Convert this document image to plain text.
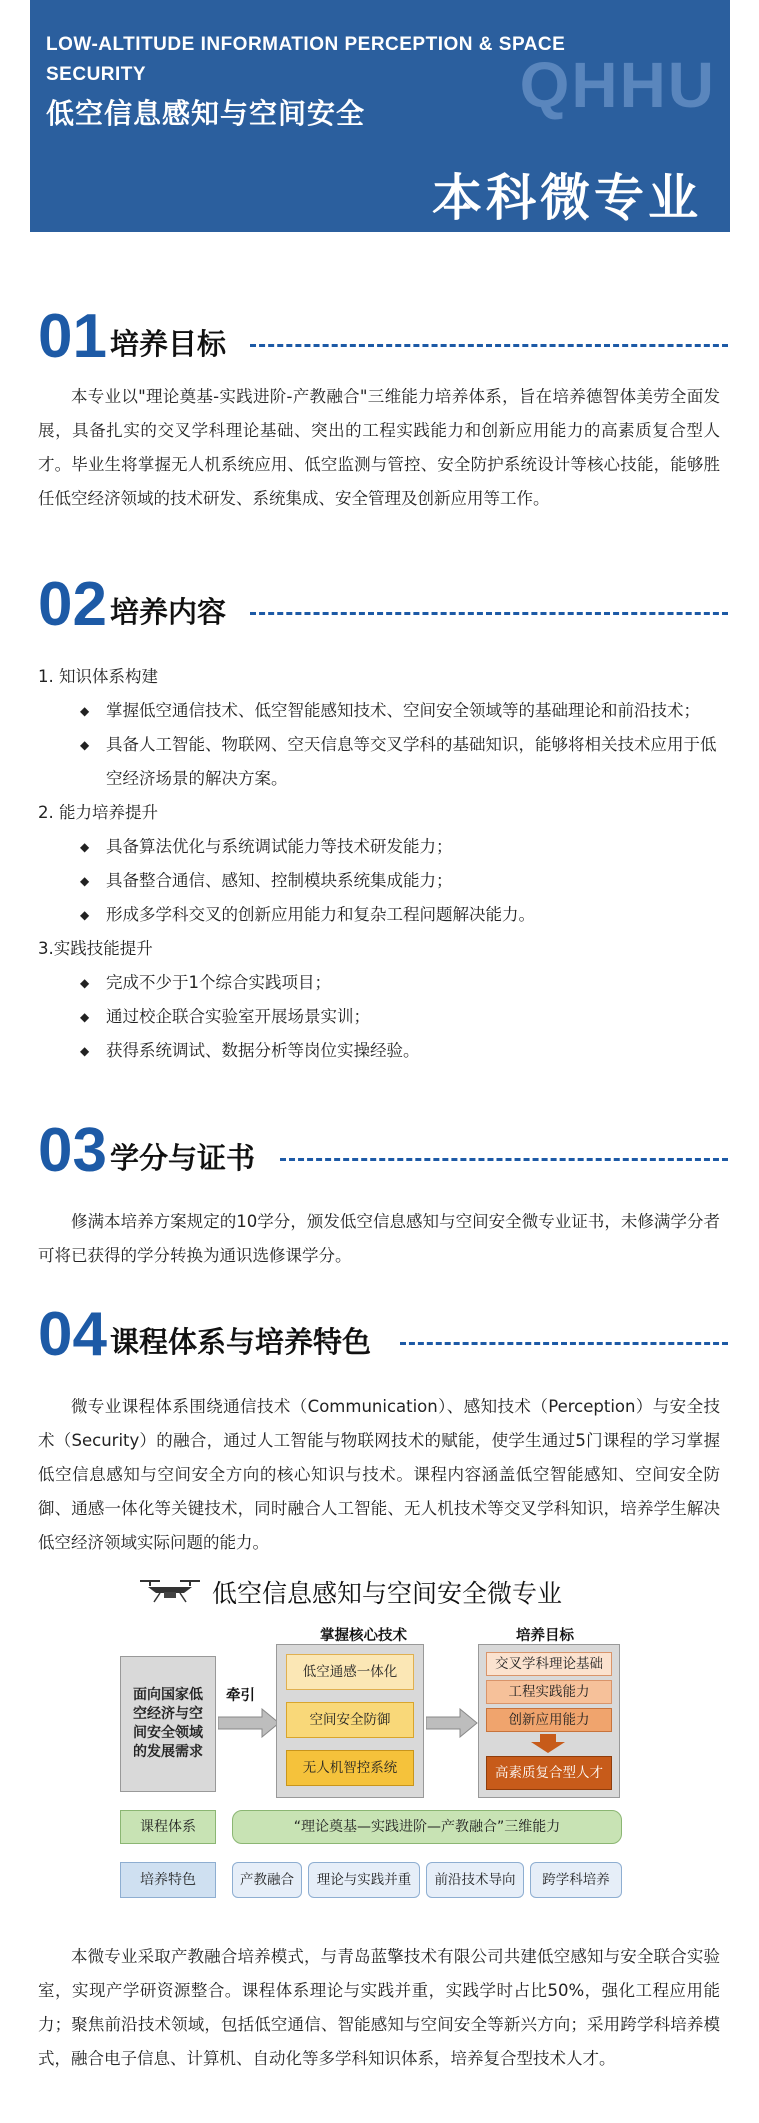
LOW-ALTITUDE INFORMATION PERCEPTION & SPACE SECURITY
低空信息感知与空间安全 QHHU
本科微专业
01 培养目标
本专业以"理论奠基-实践进阶-产教融合"三维能力培养体系，旨在培养德智体美劳全面发展，具备扎实的交叉学科理论基础、突出的工程实践能力和创新应用能力的高素质复合型人才。毕业生将掌握无人机系统应用、低空监测与管控、安全防护系统设计等核心技能，能够胜任低空经济领域的技术研发、系统集成、安全管理及创新应用等工作。
02 培养内容
1. 知识体系构建
◆ 掌握低空通信技术、低空智能感知技术、空间安全领域等的基础理论和前沿技术；
◆ 具备人工智能、物联网、空天信息等交叉学科的基础知识，能够将相关技术应用于低空经济场景的解决方案。
2. 能力培养提升
◆ 具备算法优化与系统调试能力等技术研发能力；
◆ 具备整合通信、感知、控制模块系统集成能力；
◆ 形成多学科交叉的创新应用能力和复杂工程问题解决能力。
3.实践技能提升
◆ 完成不少于1个综合实践项目；
◆ 通过校企联合实验室开展场景实训；
◆ 获得系统调试、数据分析等岗位实操经验。
03 学分与证书
修满本培养方案规定的10学分，颁发低空信息感知与空间安全微专业证书，未修满学分者可将已获得的学分转换为通识选修课学分。
04 课程体系与培养特色
微专业课程体系围绕通信技术（Communication）、感知技术（Perception）与安全技术（Security）的融合，通过人工智能与物联网技术的赋能，使学生通过5门课程的学习掌握低空信息感知与空间安全方向的核心知识与技术。课程内容涵盖低空智能感知、空间安全防御、通感一体化等关键技术，同时融合人工智能、无人机技术等交叉学科知识，培养学生解决低空经济领域实际问题的能力。
低空信息感知与空间安全微专业
面向国家低空经济与空间安全领域的发展需求
牵引
掌握核心技术
低空通感一体化
空间安全防御
无人机智控系统
培养目标
交叉学科理论基础
工程实践能力
创新应用能力
高素质复合型人才
课程体系	“理论奠基—实践进阶—产教融合”三维能力
培养特色	产教融合	理论与实践并重	前沿技术导向	跨学科培养
本微专业采取产教融合培养模式，与青岛蓝擎技术有限公司共建低空感知与安全联合实验室，实现产学研资源整合。课程体系理论与实践并重，实践学时占比50%，强化工程应用能力；聚焦前沿技术领域，包括低空通信、智能感知与空间安全等新兴方向；采用跨学科培养模式，融合电子信息、计算机、自动化等多学科知识体系，培养复合型技术人才。
